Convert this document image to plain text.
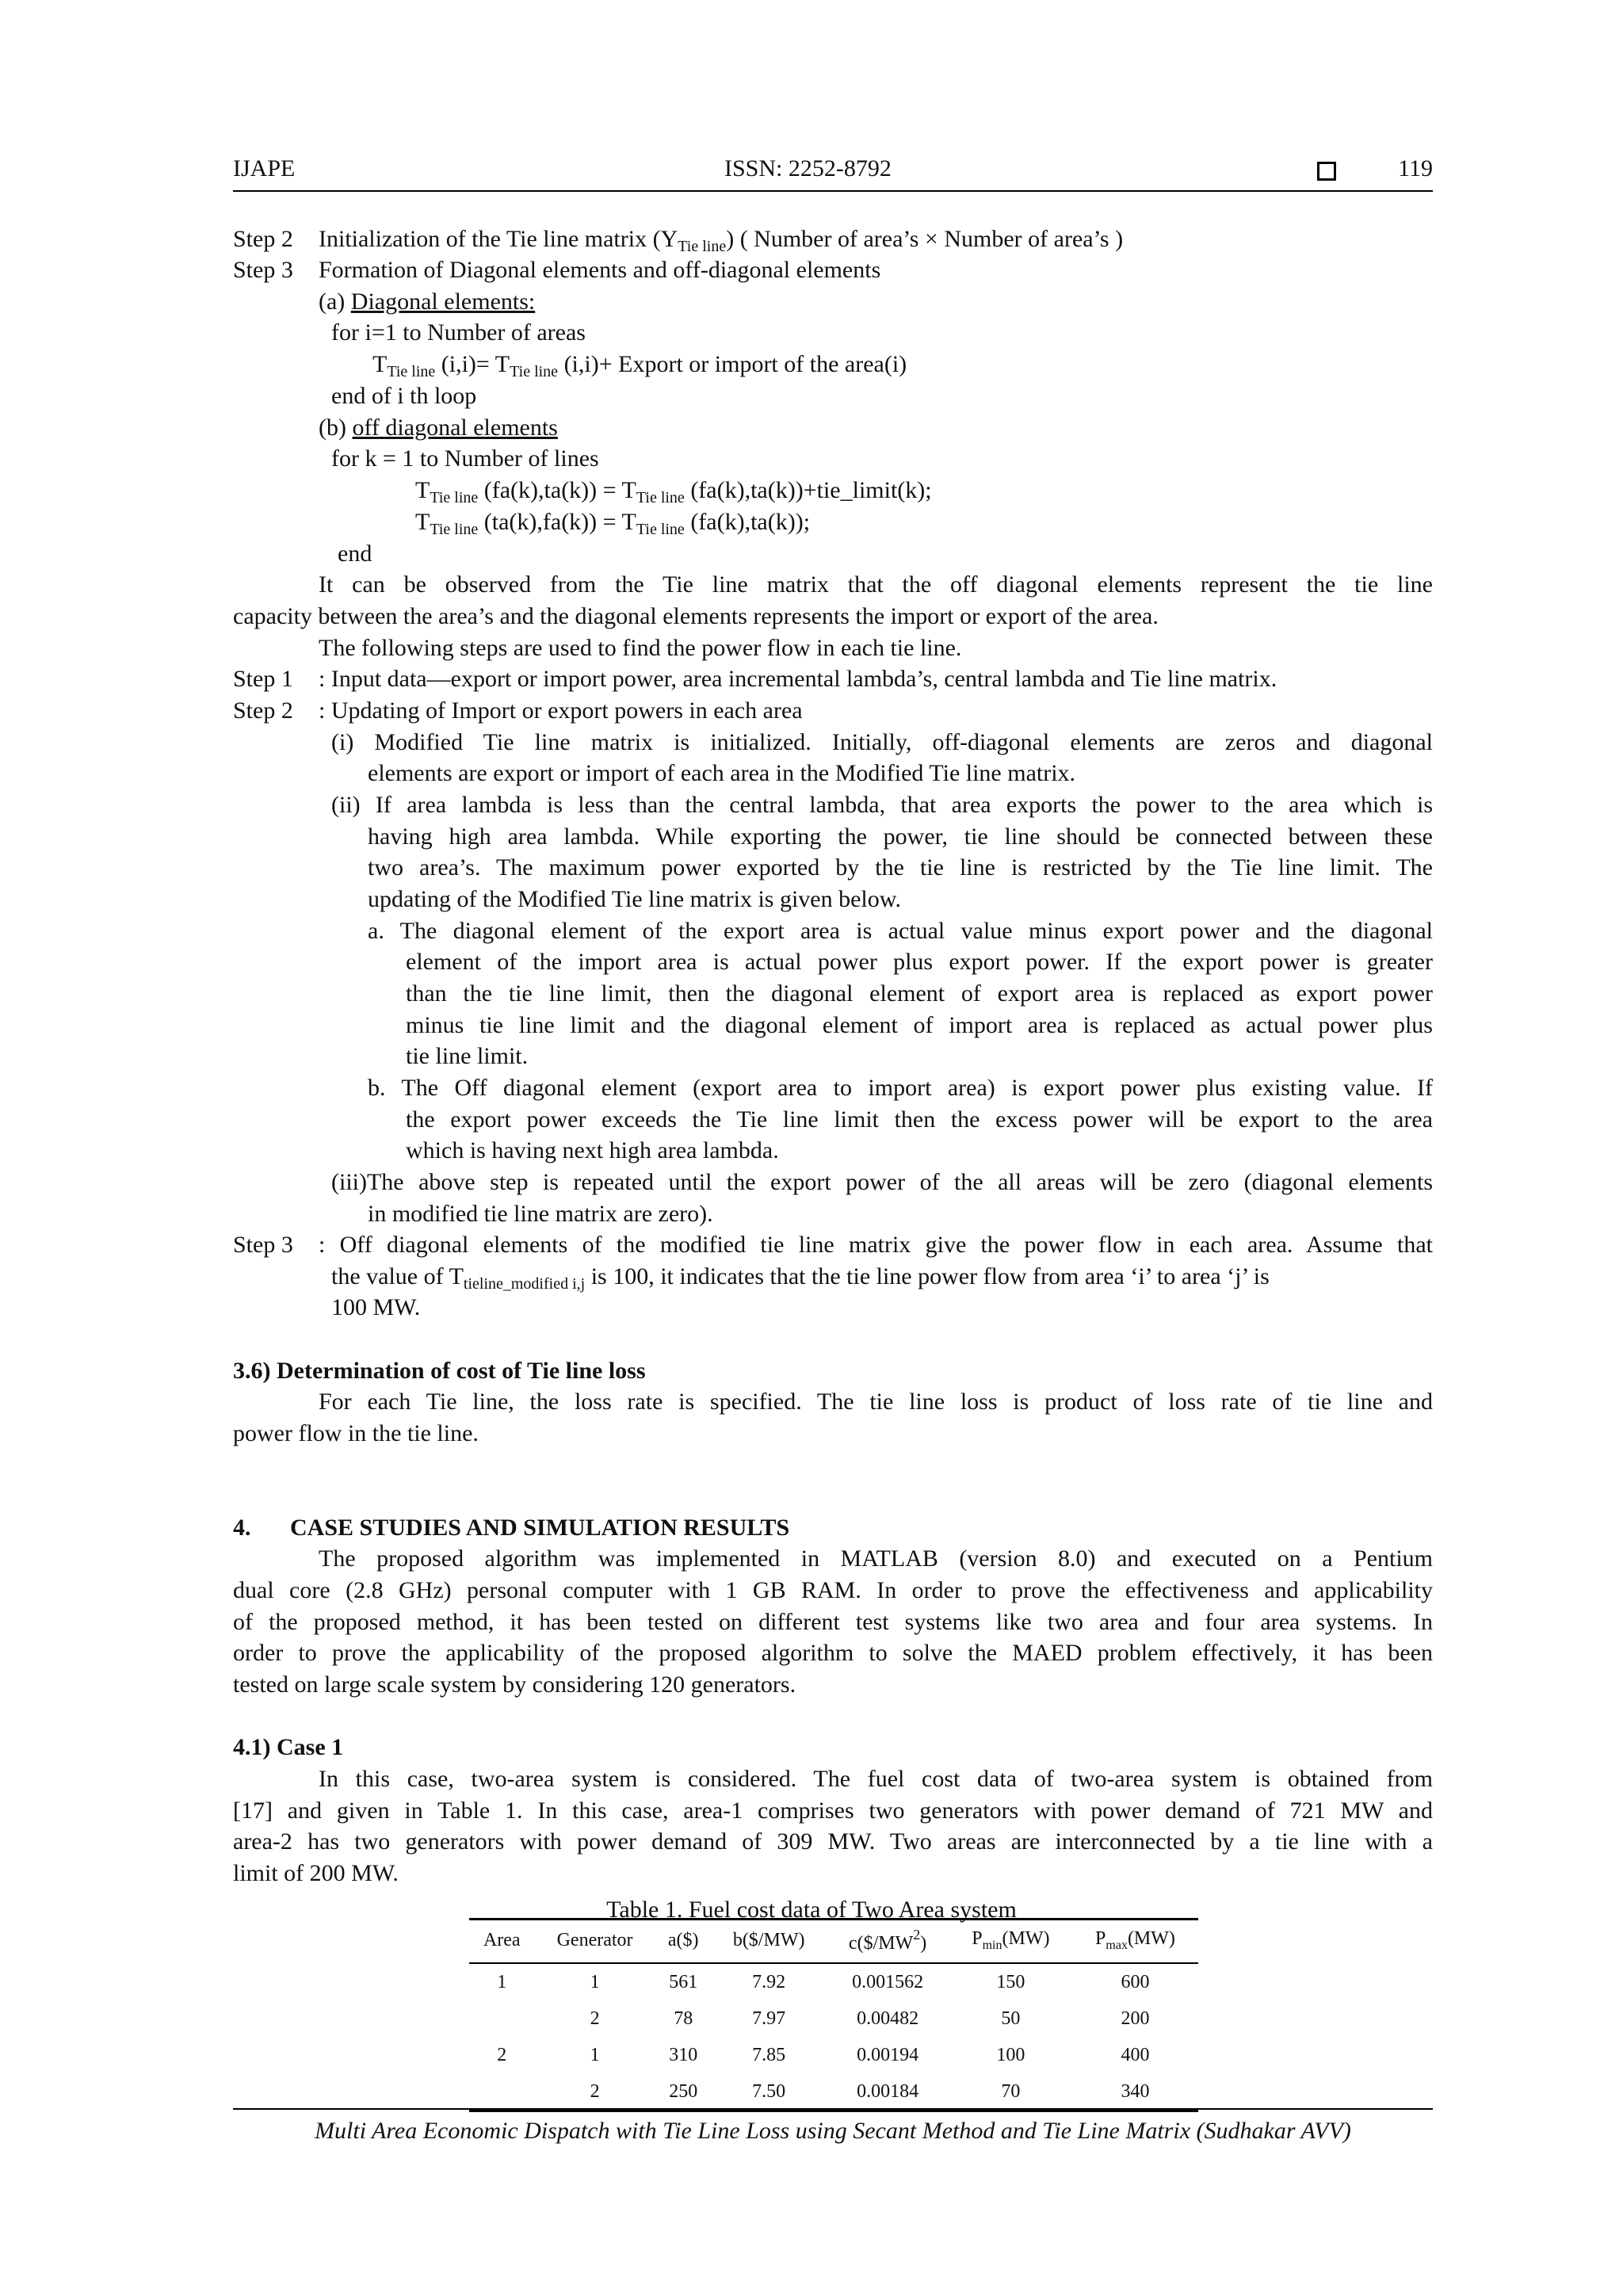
IJAPE	ISSN: 2252-8792	119
Step 2 Initialization of the Tie line matrix $(Y_{Tie line})$ ( Number of area’s × Number of area’s )
Step 3 Formation of Diagonal elements and off-diagonal elements
(a) Diagonal elements:
for i=1 to Number of areas
$T_{Tie line}$ $(i,i)= T_{Tie line}$ (i,i)+ Export or import of the area(i)
end of i th loop
(b) off diagonal elements
for k = 1 to Number of lines
$T_{Tie line}$ $(fa(k),ta(k)) = T_{Tie line}$ (fa(k),ta(k))+tie_limit(k);
$T_{Tie line}$ $(ta(k),fa(k)) = T_{Tie line}$ (fa(k),ta(k));
end
It can be observed from the Tie line matrix that the off diagonal elements represent the tie line
capacity between the area’s and the diagonal elements represents the import or export of the area.
The following steps are used to find the power flow in each tie line.
Step 1 : Input data—export or import power, area incremental lambda’s, central lambda and Tie line matrix.
Step 2 : Updating of Import or export powers in each area
(i) Modified Tie line matrix is initialized. Initially, off-diagonal elements are zeros and diagonal
elements are export or import of each area in the Modified Tie line matrix.
(ii) If area lambda is less than the central lambda, that area exports the power to the area which is
having high area lambda. While exporting the power, tie line should be connected between these
two area’s. The maximum power exported by the tie line is restricted by the Tie line limit. The
updating of the Modified Tie line matrix is given below.
a. The diagonal element of the export area is actual value minus export power and the diagonal
element of the import area is actual power plus export power. If the export power is greater
than the tie line limit, then the diagonal element of export area is replaced as export power
minus tie line limit and the diagonal element of import area is replaced as actual power plus
tie line limit.
b. The Off diagonal element (export area to import area) is export power plus existing value. If
the export power exceeds the Tie line limit then the excess power will be export to the area
which is having next high area lambda.
(iii)The above step is repeated until the export power of the all areas will be zero (diagonal elements
in modified tie line matrix are zero).
Step 3 : Off diagonal elements of the modified tie line matrix give the power flow in each area. Assume that
the value of $T_{tieline\_modified i,j}$ is 100, it indicates that the tie line power flow from area ‘i’ to area ‘j’ is
100 MW.
3.6) Determination of cost of Tie line loss
For each Tie line, the loss rate is specified. The tie line loss is product of loss rate of tie line and
power flow in the tie line.
4. CASE STUDIES AND SIMULATION RESULTS
The proposed algorithm was implemented in MATLAB (version 8.0) and executed on a Pentium
dual core (2.8 GHz) personal computer with 1 GB RAM. In order to prove the effectiveness and applicability
of the proposed method, it has been tested on different test systems like two area and four area systems. In
order to prove the applicability of the proposed algorithm to solve the MAED problem effectively, it has been
tested on large scale system by considering 120 generators.
4.1) Case 1
In this case, two-area system is considered. The fuel cost data of two-area system is obtained from
[17] and given in Table 1. In this case, area-1 comprises two generators with power demand of 721 MW and
area-2 has two generators with power demand of 309 MW. Two areas are interconnected by a tie line with a
limit of 200 MW.
Table 1. Fuel cost data of Two Area system
Area	Generator	a($)	b($/MW)	$c(\$/MW^2)$	$P_{min}(MW)$	$P_{max}(MW)$
1	1	561	7.92	0.001562	150	600
	2	78	7.97	0.00482	50	200
2	1	310	7.85	0.00194	100	400
	2	250	7.50	0.00184	70	340
Multi Area Economic Dispatch with Tie Line Loss using Secant Method and Tie Line Matrix (Sudhakar AVV)
